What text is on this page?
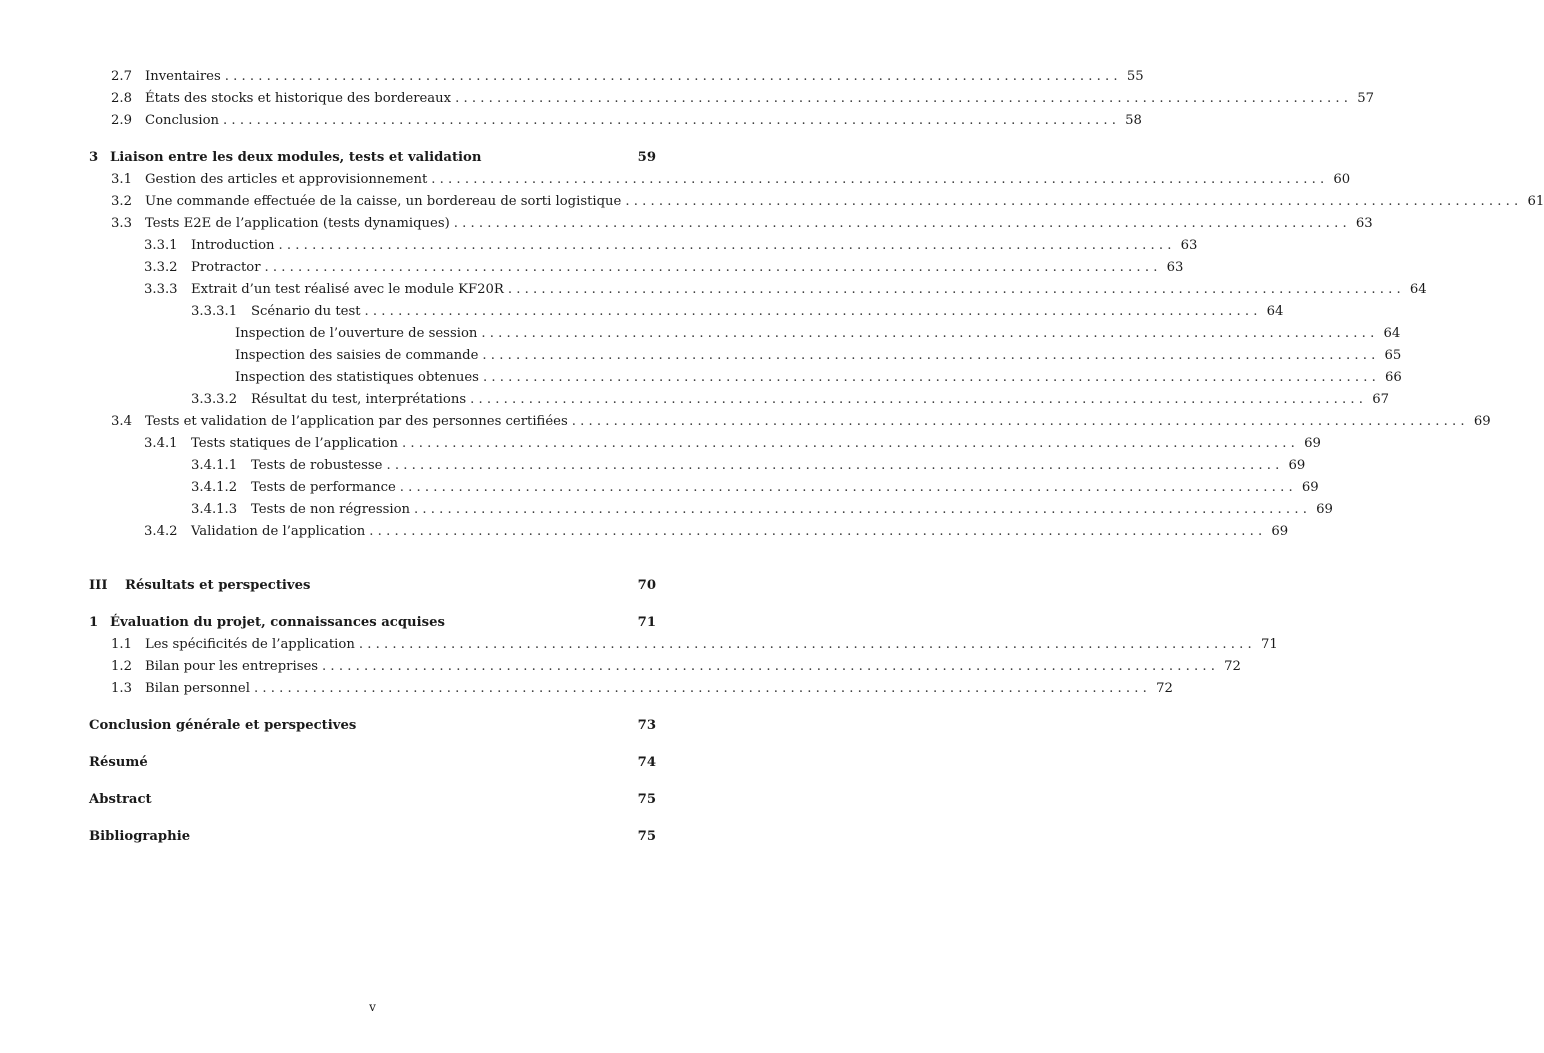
2.7 Inventaires . . .	55
2.8 États des stocks et historique des bordereaux . . .	57
2.9 Conclusion . . .	58
3 Liaison entre les deux modules, tests et validation	59
3.1 Gestion des articles et approvisionnement . . .	60
3.2 Une commande effectuée de la caisse, un bordereau de sorti logistique . . .	61
3.3 Tests E2E de l’application (tests dynamiques) . . .	63
3.3.1	Introduction . . .	63
3.3.2	Protractor . . .	63
3.3.3	Extrait d’un test réalisé avec le module KF20R . . .	64
3.3.3.1	Scénario du test . . .	64
Inspection de l’ouverture de session . . .	64
Inspection des saisies de commande . . .	65
Inspection des statistiques obtenues . . .	66
3.3.3.2	Résultat du test, interprétations . . .	67
3.4 Tests et validation de l’application par des personnes certifiées . . .	69
3.4.1	Tests statiques de l’application . . .	69
3.4.1.1	Tests de robustesse . . .	69
3.4.1.2	Tests de performance . . .	69
3.4.1.3	Tests de non régression . . .	69
3.4.2	Validation de l’application . . .	69
III	Résultats et perspectives	70
1 Évaluation du projet, connaissances acquises	71
1.1 Les spécificités de l’application . . .	71
1.2 Bilan pour les entreprises . . .	72
1.3 Bilan personnel . . .	72
Conclusion générale et perspectives	73
Résumé	74
Abstract	75
Bibliographie	75
v
